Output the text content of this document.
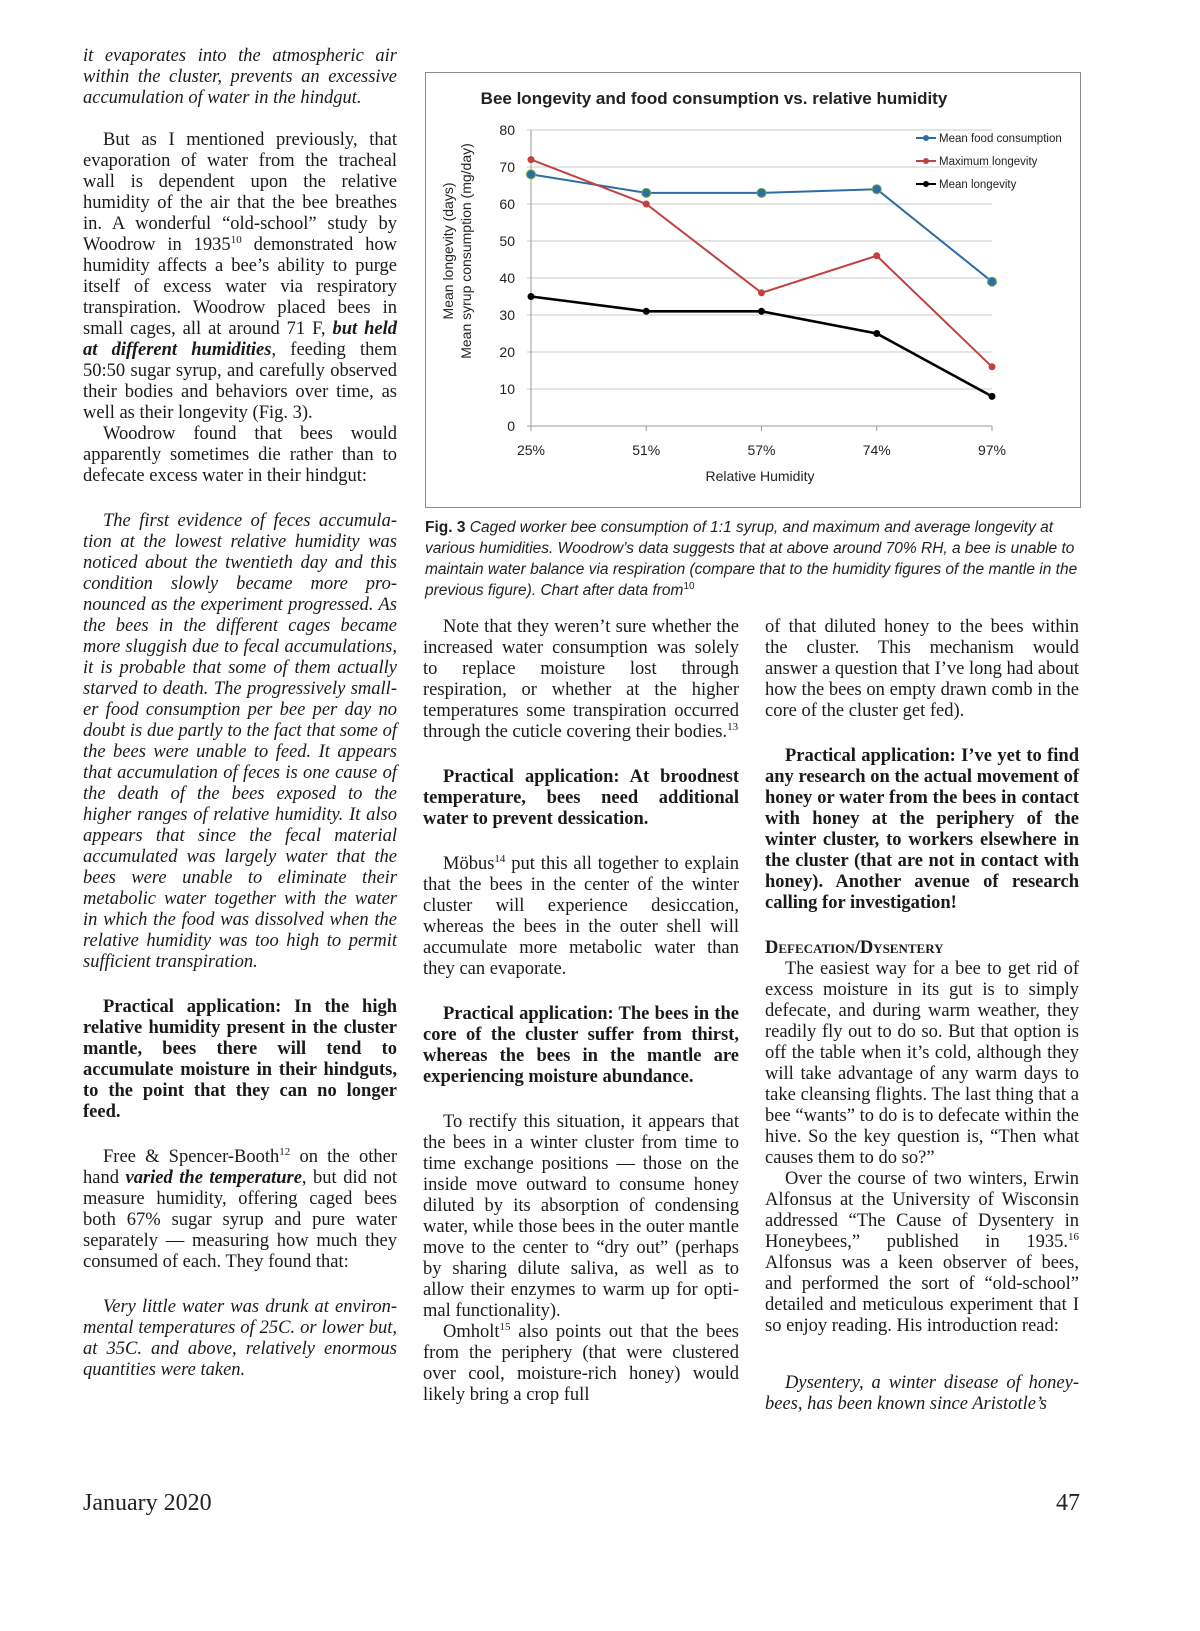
it evaporates into the atmospheric air within the cluster, prevents an excessive accumulation of water in the hindgut.

But as I mentioned previously, that evaporation of water from the tracheal wall is dependent upon the relative humidity of the air that the bee breathes in. A wonderful “old-school” study by Woodrow in 1935$^{10}$ demonstrated how humidity affects a bee’s ability to purge itself of excess water via respiratory transpiration. Woodrow placed bees in small cages, all at around 71 F, but held at different humidities, feeding them 50:50 sugar syrup, and carefully observed their bodies and behaviors over time, as well as their longevity (Fig. 3).

Woodrow found that bees would apparently sometimes die rather than to defecate excess water in their hindgut:

The first evidence of feces accumulation at the lowest relative humidity was noticed about the twentieth day and this condition slowly became more pronounced as the experiment progressed. As the bees in the different cages became more sluggish due to fecal accumulations, it is probable that some of them actually starved to death. The progressively smaller food consumption per bee per day no doubt is due partly to the fact that some of the bees were unable to feed. It appears that accumulation of feces is one cause of the death of the bees exposed to the higher ranges of relative humidity. It also appears that since the fecal material accumulated was largely water that the bees were unable to eliminate their metabolic water together with the water in which the food was dissolved when the relative humidity was too high to permit sufficient transpiration.

Practical application: In the high relative humidity present in the cluster mantle, bees there will tend to accumulate moisture in their hindguts, to the point that they can no longer feed.

Free & Spencer-Booth$^{12}$ on the other hand varied the temperature, but did not measure humidity, offering caged bees both 67% sugar syrup and pure water separately — measuring how much they consumed of each. They found that:

Very little water was drunk at environmental temperatures of 25C. or lower but, at 35C. and above, relatively enormous quantities were taken.

Bee longevity and food consumption vs. relative humidity
0
10
20
30
40
50
60
70
80
25%	51%	57%	74%	97%
Mean longevity (days) Mean syrup consumption (mg/day)
Relative Humidity
Mean food consumption
Maximum longevity
Mean longevity
Fig. 3 Caged worker bee consumption of 1:1 syrup, and maximum and average longevity at various humidities. Woodrow’s data suggests that at above around 70% RH, a bee is unable to maintain water balance via respiration (compare that to the humidity figures of the mantle in the previous figure). Chart after data from$^{10}$

Note that they weren’t sure whether the increased water consumption was solely to replace moisture lost through respiration, or whether at the higher temperatures some transpiration occurred through the cuticle covering their bodies.$^{13}$

Practical application: At broodnest temperature, bees need additional water to prevent dessication.

Möbus$^{14}$ put this all together to explain that the bees in the center of the winter cluster will experience desiccation, whereas the bees in the outer shell will accumulate more metabolic water than they can evaporate.

Practical application: The bees in the core of the cluster suffer from thirst, whereas the bees in the mantle are experiencing moisture abundance.

To rectify this situation, it appears that the bees in a winter cluster from time to time exchange positions — those on the inside move outward to consume honey diluted by its absorption of condensing water, while those bees in the outer mantle move to the center to “dry out” (perhaps by sharing dilute saliva, as well as to allow their enzymes to warm up for optimal functionality).

Omholt$^{15}$ also points out that the bees from the periphery (that were clustered over cool, moisture-rich honey) would likely bring a crop full

of that diluted honey to the bees within the cluster. This mechanism would answer a question that I’ve long had about how the bees on empty drawn comb in the core of the cluster get fed).

Practical application: I’ve yet to find any research on the actual movement of honey or water from the bees in contact with honey at the periphery of the winter cluster, to workers elsewhere in the cluster (that are not in contact with honey). Another avenue of research calling for investigation!

Defecation/Dysentery

The easiest way for a bee to get rid of excess moisture in its gut is to simply defecate, and during warm weather, they readily fly out to do so. But that option is off the table when it’s cold, although they will take advantage of any warm days to take cleansing flights. The last thing that a bee “wants” to do is to defecate within the hive. So the key question is, “Then what causes them to do so?”

Over the course of two winters, Erwin Alfonsus at the University of Wisconsin addressed “The Cause of Dysentery in Honeybees,” published in 1935.16 Alfonsus was a keen observer of bees, and performed the sort of “old-school” detailed and meticulous experiment that I so enjoy reading. His introduction read:

Dysentery, a winter disease of honeybees, has been known since Aristotle’s

January 2020	47
